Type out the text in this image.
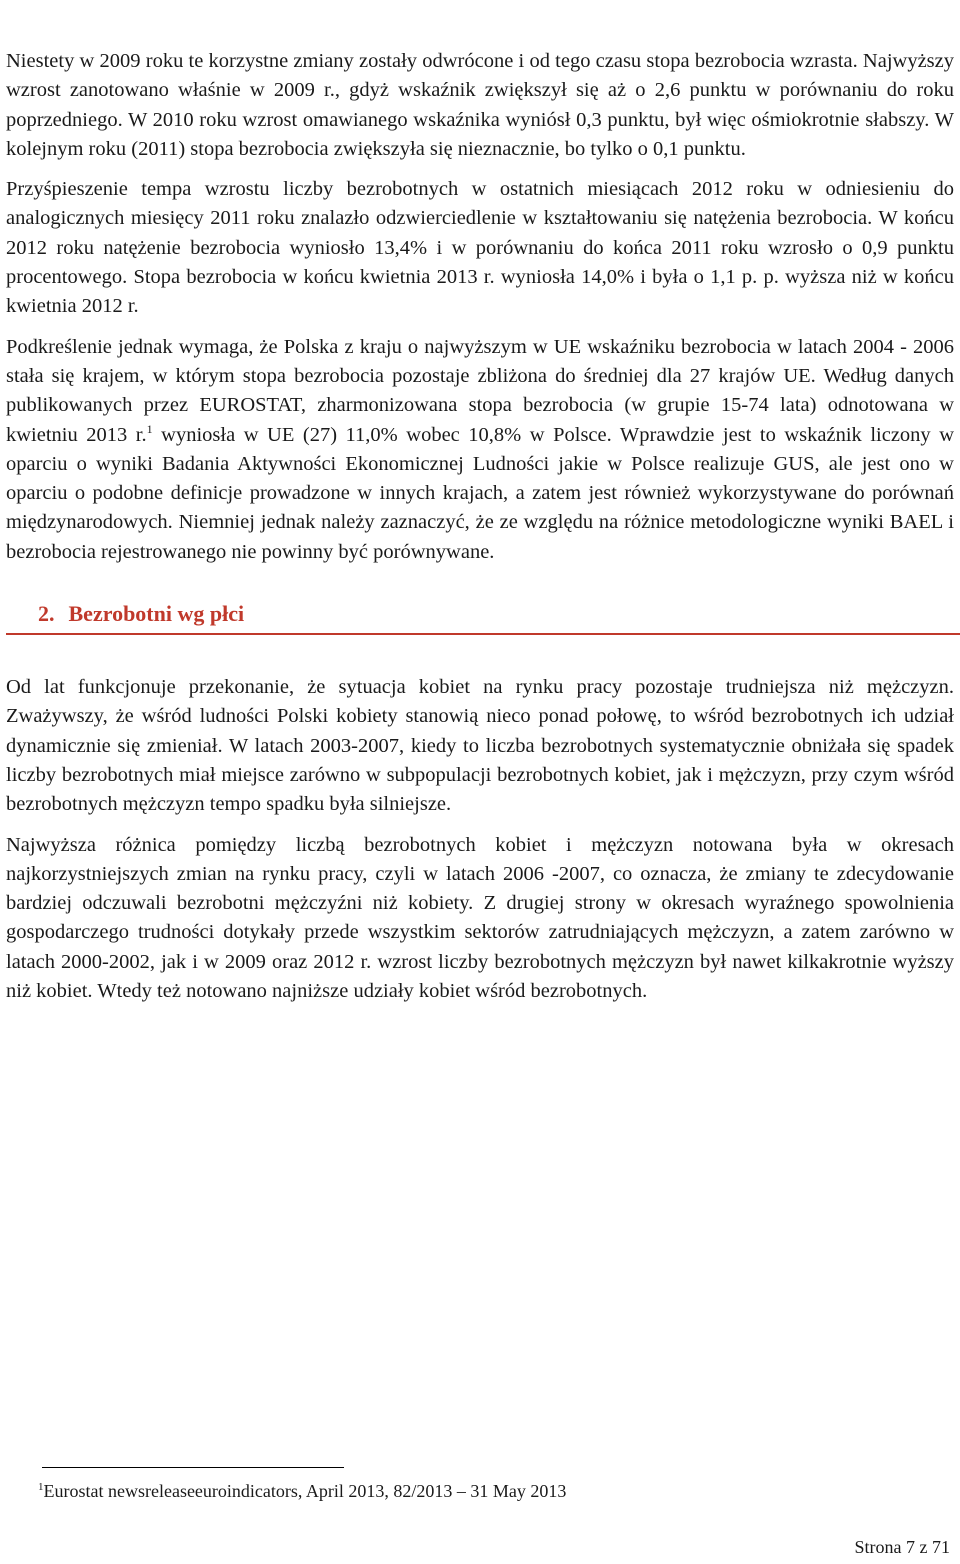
Niestety w 2009 roku te korzystne zmiany zostały odwrócone i od tego czasu stopa bezrobocia wzrasta. Najwyższy wzrost zanotowano właśnie w 2009 r., gdyż wskaźnik zwiększył się aż o 2,6 punktu w porównaniu do roku poprzedniego. W 2010 roku wzrost omawianego wskaźnika wyniósł 0,3 punktu, był więc ośmiokrotnie słabszy. W kolejnym roku (2011) stopa bezrobocia zwiększyła się nieznacznie, bo tylko o 0,1 punktu.

Przyśpieszenie tempa wzrostu liczby bezrobotnych w ostatnich miesiącach 2012 roku w odniesieniu do analogicznych miesięcy 2011 roku znalazło odzwierciedlenie w kształtowaniu się natężenia bezrobocia. W końcu 2012 roku natężenie bezrobocia wyniosło 13,4% i w porównaniu do końca 2011 roku wzrosło o 0,9 punktu procentowego. Stopa bezrobocia w końcu kwietnia 2013 r. wyniosła 14,0% i była o 1,1 p. p. wyższa niż w końcu kwietnia 2012 r.

Podkreślenie jednak wymaga, że Polska z kraju o najwyższym w UE wskaźniku bezrobocia w latach 2004 - 2006 stała się krajem, w którym stopa bezrobocia pozostaje zbliżona do średniej dla 27 krajów UE. Według danych publikowanych przez EUROSTAT, zharmonizowana stopa bezrobocia (w grupie 15-74 lata) odnotowana w kwietniu 2013 r.$^1$ wyniosła w UE (27) 11,0% wobec 10,8% w Polsce. Wprawdzie jest to wskaźnik liczony w oparciu o wyniki Badania Aktywności Ekonomicznej Ludności jakie w Polsce realizuje GUS, ale jest ono w oparciu o podobne definicje prowadzone w innych krajach, a zatem jest również wykorzystywane do porównań międzynarodowych. Niemniej jednak należy zaznaczyć, że ze względu na różnice metodologiczne wyniki BAEL i bezrobocia rejestrowanego nie powinny być porównywane.

2. Bezrobotni wg płci

Od lat funkcjonuje przekonanie, że sytuacja kobiet na rynku pracy pozostaje trudniejsza niż mężczyzn. Zważywszy, że wśród ludności Polski kobiety stanowią nieco ponad połowę, to wśród bezrobotnych ich udział dynamicznie się zmieniał. W latach 2003-2007, kiedy to liczba bezrobotnych systematycznie obniżała się spadek liczby bezrobotnych miał miejsce zarówno w subpopulacji bezrobotnych kobiet, jak i mężczyzn, przy czym wśród bezrobotnych mężczyzn tempo spadku była silniejsze.

Najwyższa różnica pomiędzy liczbą bezrobotnych kobiet i mężczyzn notowana była w okresach najkorzystniejszych zmian na rynku pracy, czyli w latach 2006 -2007, co oznacza, że zmiany te zdecydowanie bardziej odczuwali bezrobotni mężczyźni niż kobiety. Z drugiej strony w okresach wyraźnego spowolnienia gospodarczego trudności dotykały przede wszystkim sektorów zatrudniających mężczyzn, a zatem zarówno w latach 2000-2002, jak i w 2009 oraz 2012 r. wzrost liczby bezrobotnych mężczyzn był nawet kilkakrotnie wyższy niż kobiet. Wtedy też notowano najniższe udziały kobiet wśród bezrobotnych.

$^1$Eurostat newsreleaseeuroindicators, April 2013, 82/2013 – 31 May 2013
Strona 7 z 71
